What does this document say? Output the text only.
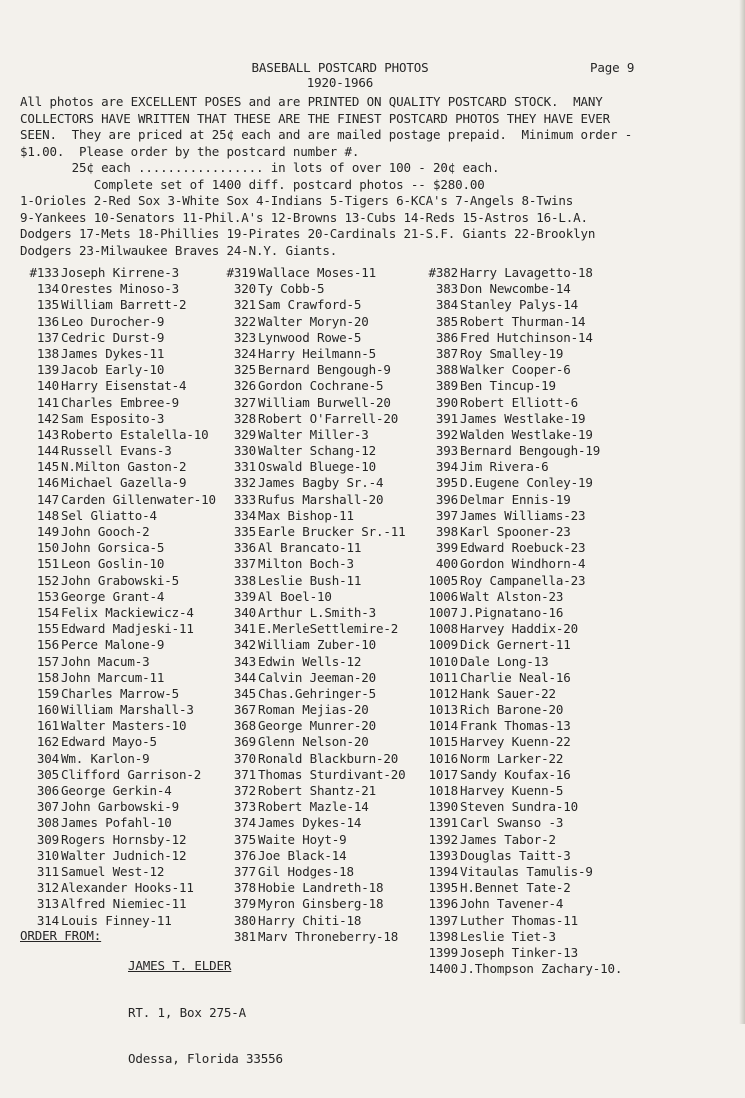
BASEBALL POSTCARD PHOTOS	Page 9
1920-1966
All photos are EXCELLENT POSES and are PRINTED ON QUALITY POSTCARD STOCK.  MANY
COLLECTORS HAVE WRITTEN THAT THESE ARE THE FINEST POSTCARD PHOTOS THEY HAVE EVER
SEEN.  They are priced at 25¢ each and are mailed postage prepaid.  Minimum order -
$1.00.  Please order by the postcard number #.
25¢ each ................. in lots of over 100 - 20¢ each.
Complete set of 1400 diff. postcard photos -- $280.00
1-Orioles 2-Red Sox 3-White Sox 4-Indians 5-Tigers 6-KCA's 7-Angels 8-Twins
9-Yankees 10-Senators 11-Phil.A's 12-Browns 13-Cubs 14-Reds 15-Astros 16-L.A.
Dodgers 17-Mets 18-Phillies 19-Pirates 20-Cardinals 21-S.F. Giants 22-Brooklyn
Dodgers 23-Milwaukee Braves 24-N.Y. Giants.
#133 Joseph Kirrene-3
134 Orestes Minoso-3
135 William Barrett-2
136 Leo Durocher-9
137 Cedric Durst-9
138 James Dykes-11
139 Jacob Early-10
140 Harry Eisenstat-4
141 Charles Embree-9
142 Sam Esposito-3
143 Roberto Estalella-10
144 Russell Evans-3
145 N.Milton Gaston-2
146 Michael Gazella-9
147 Carden Gillenwater-10
148 Sel Gliatto-4
149 John Gooch-2
150 John Gorsica-5
151 Leon Goslin-10
152 John Grabowski-5
153 George Grant-4
154 Felix Mackiewicz-4
155 Edward Madjeski-11
156 Perce Malone-9
157 John Macum-3
158 John Marcum-11
159 Charles Marrow-5
160 William Marshall-3
161 Walter Masters-10
162 Edward Mayo-5
304 Wm. Karlon-9
305 Clifford Garrison-2
306 George Gerkin-4
307 John Garbowski-9
308 James Pofahl-10
309 Rogers Hornsby-12
310 Walter Judnich-12
311 Samuel West-12
312 Alexander Hooks-11
313 Alfred Niemiec-11
314 Louis Finney-11
#319 Wallace Moses-11
320 Ty Cobb-5
321 Sam Crawford-5
322 Walter Moryn-20
323 Lynwood Rowe-5
324 Harry Heilmann-5
325 Bernard Bengough-9
326 Gordon Cochrane-5
327 William Burwell-20
328 Robert O'Farrell-20
329 Walter Miller-3
330 Walter Schang-12
331 Oswald Bluege-10
332 James Bagby Sr.-4
333 Rufus Marshall-20
334 Max Bishop-11
335 Earle Brucker Sr.-11
336 Al Brancato-11
337 Milton Boch-3
338 Leslie Bush-11
339 Al Boel-10
340 Arthur L.Smith-3
341 E.MerleSettlemire-2
342 William Zuber-10
343 Edwin Wells-12
344 Calvin Jeeman-20
345 Chas.Gehringer-5
367 Roman Mejias-20
368 George Munrer-20
369 Glenn Nelson-20
370 Ronald Blackburn-20
371 Thomas Sturdivant-20
372 Robert Shantz-21
373 Robert Mazle-14
374 James Dykes-14
375 Waite Hoyt-9
376 Joe Black-14
377 Gil Hodges-18
378 Hobie Landreth-18
379 Myron Ginsberg-18
380 Harry Chiti-18
381 Marv Throneberry-18
#382 Harry Lavagetto-18
383 Don Newcombe-14
384 Stanley Palys-14
385 Robert Thurman-14
386 Fred Hutchinson-14
387 Roy Smalley-19
388 Walker Cooper-6
389 Ben Tincup-19
390 Robert Elliott-6
391 James Westlake-19
392 Walden Westlake-19
393 Bernard Bengough-19
394 Jim Rivera-6
395 D.Eugene Conley-19
396 Delmar Ennis-19
397 James Williams-23
398 Karl Spooner-23
399 Edward Roebuck-23
400 Gordon Windhorn-4
1005 Roy Campanella-23
1006 Walt Alston-23
1007 J.Pignatano-16
1008 Harvey Haddix-20
1009 Dick Gernert-11
1010 Dale Long-13
1011 Charlie Neal-16
1012 Hank Sauer-22
1013 Rich Barone-20
1014 Frank Thomas-13
1015 Harvey Kuenn-22
1016 Norm Larker-22
1017 Sandy Koufax-16
1018 Harvey Kuenn-5
1390 Steven Sundra-10
1391 Carl Swanso -3
1392 James Tabor-2
1393 Douglas Taitt-3
1394 Vitaulas Tamulis-9
1395 H.Bennet Tate-2
1396 John Tavener-4
1397 Luther Thomas-11
1398 Leslie Tiet-3
1399 Joseph Tinker-13
1400 J.Thompson Zachary-10.

ORDER FROM:

JAMES T. ELDER

RT. 1, Box 275-A

Odessa, Florida 33556
